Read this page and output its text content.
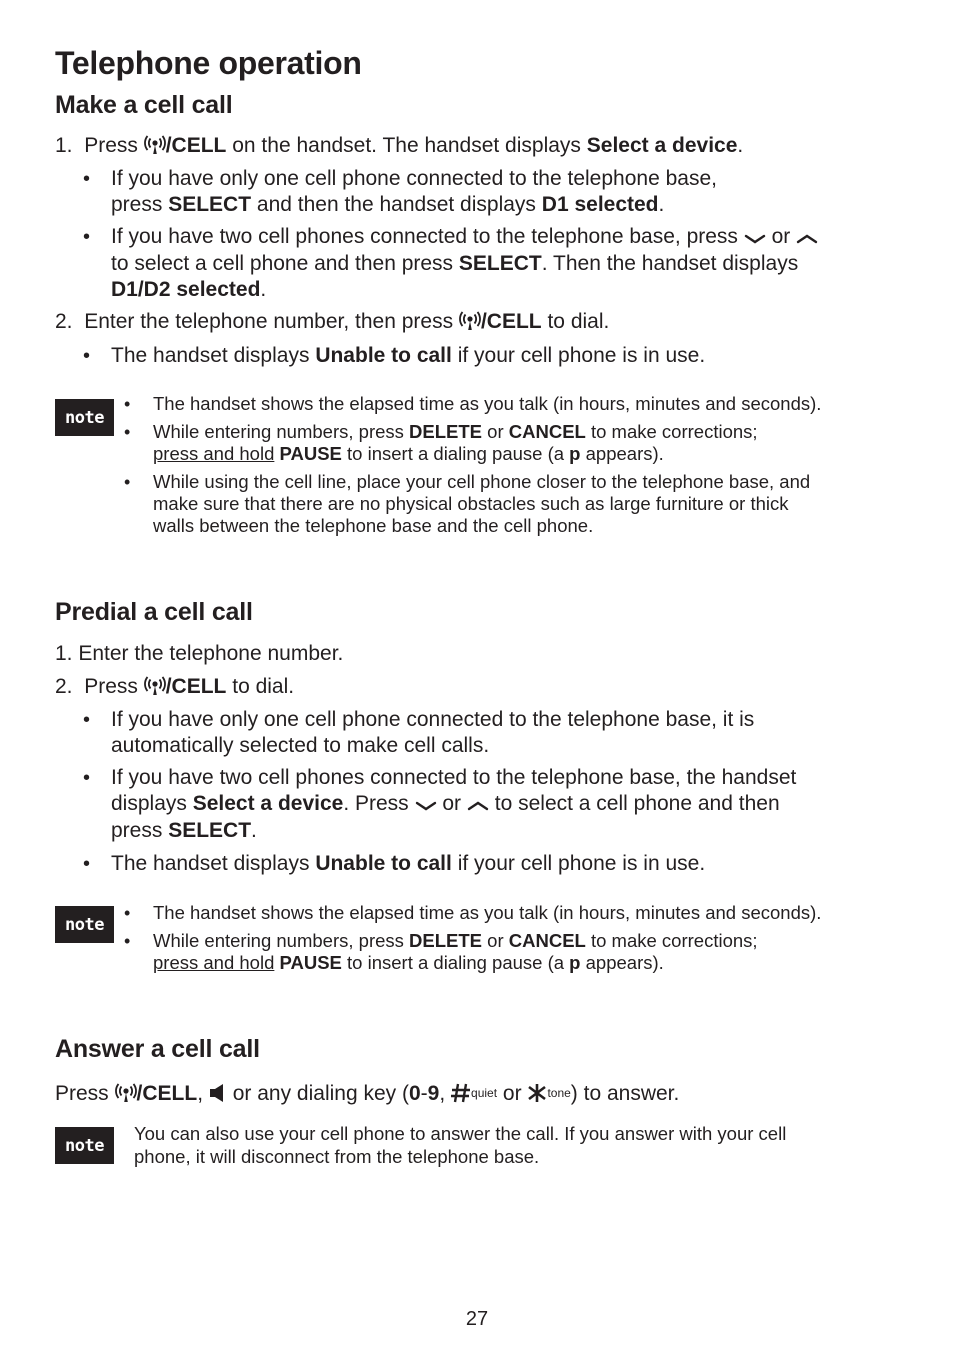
Telephone operation
Make a cell call
1. Press /CELL on the handset. The handset displays Select a device.
• If you have only one cell phone connected to the telephone base,
press SELECT and then the handset displays D1 selected.
• If you have two cell phones connected to the telephone base, press or
to select a cell phone and then press SELECT. Then the handset displays
D1/D2 selected.
2. Enter the telephone number, then press /CELL to dial.
• The handset displays Unable to call if your cell phone is in use.
note
• The handset shows the elapsed time as you talk (in hours, minutes and seconds).
• While entering numbers, press DELETE or CANCEL to make corrections;
press and hold PAUSE to insert a dialing pause (a p appears).
• While using the cell line, place your cell phone closer to the telephone base, and
make sure that there are no physical obstacles such as large furniture or thick
walls between the telephone base and the cell phone.
Predial a cell call
1. Enter the telephone number.
2. Press /CELL to dial.
• If you have only one cell phone connected to the telephone base, it is
automatically selected to make cell calls.
• If you have two cell phones connected to the telephone base, the handset
displays Select a device. Press or to select a cell phone and then
press SELECT.
• The handset displays Unable to call if your cell phone is in use.
note
• The handset shows the elapsed time as you talk (in hours, minutes and seconds).
• While entering numbers, press DELETE or CANCEL to make corrections;
press and hold PAUSE to insert a dialing pause (a p appears).
Answer a cell call
Press /CELL,  or any dialing key (0-9, $^{quiet}$ or $^{tone}$) to answer.
note
You can also use your cell phone to answer the call. If you answer with your cell
phone, it will disconnect from the telephone base.
27
